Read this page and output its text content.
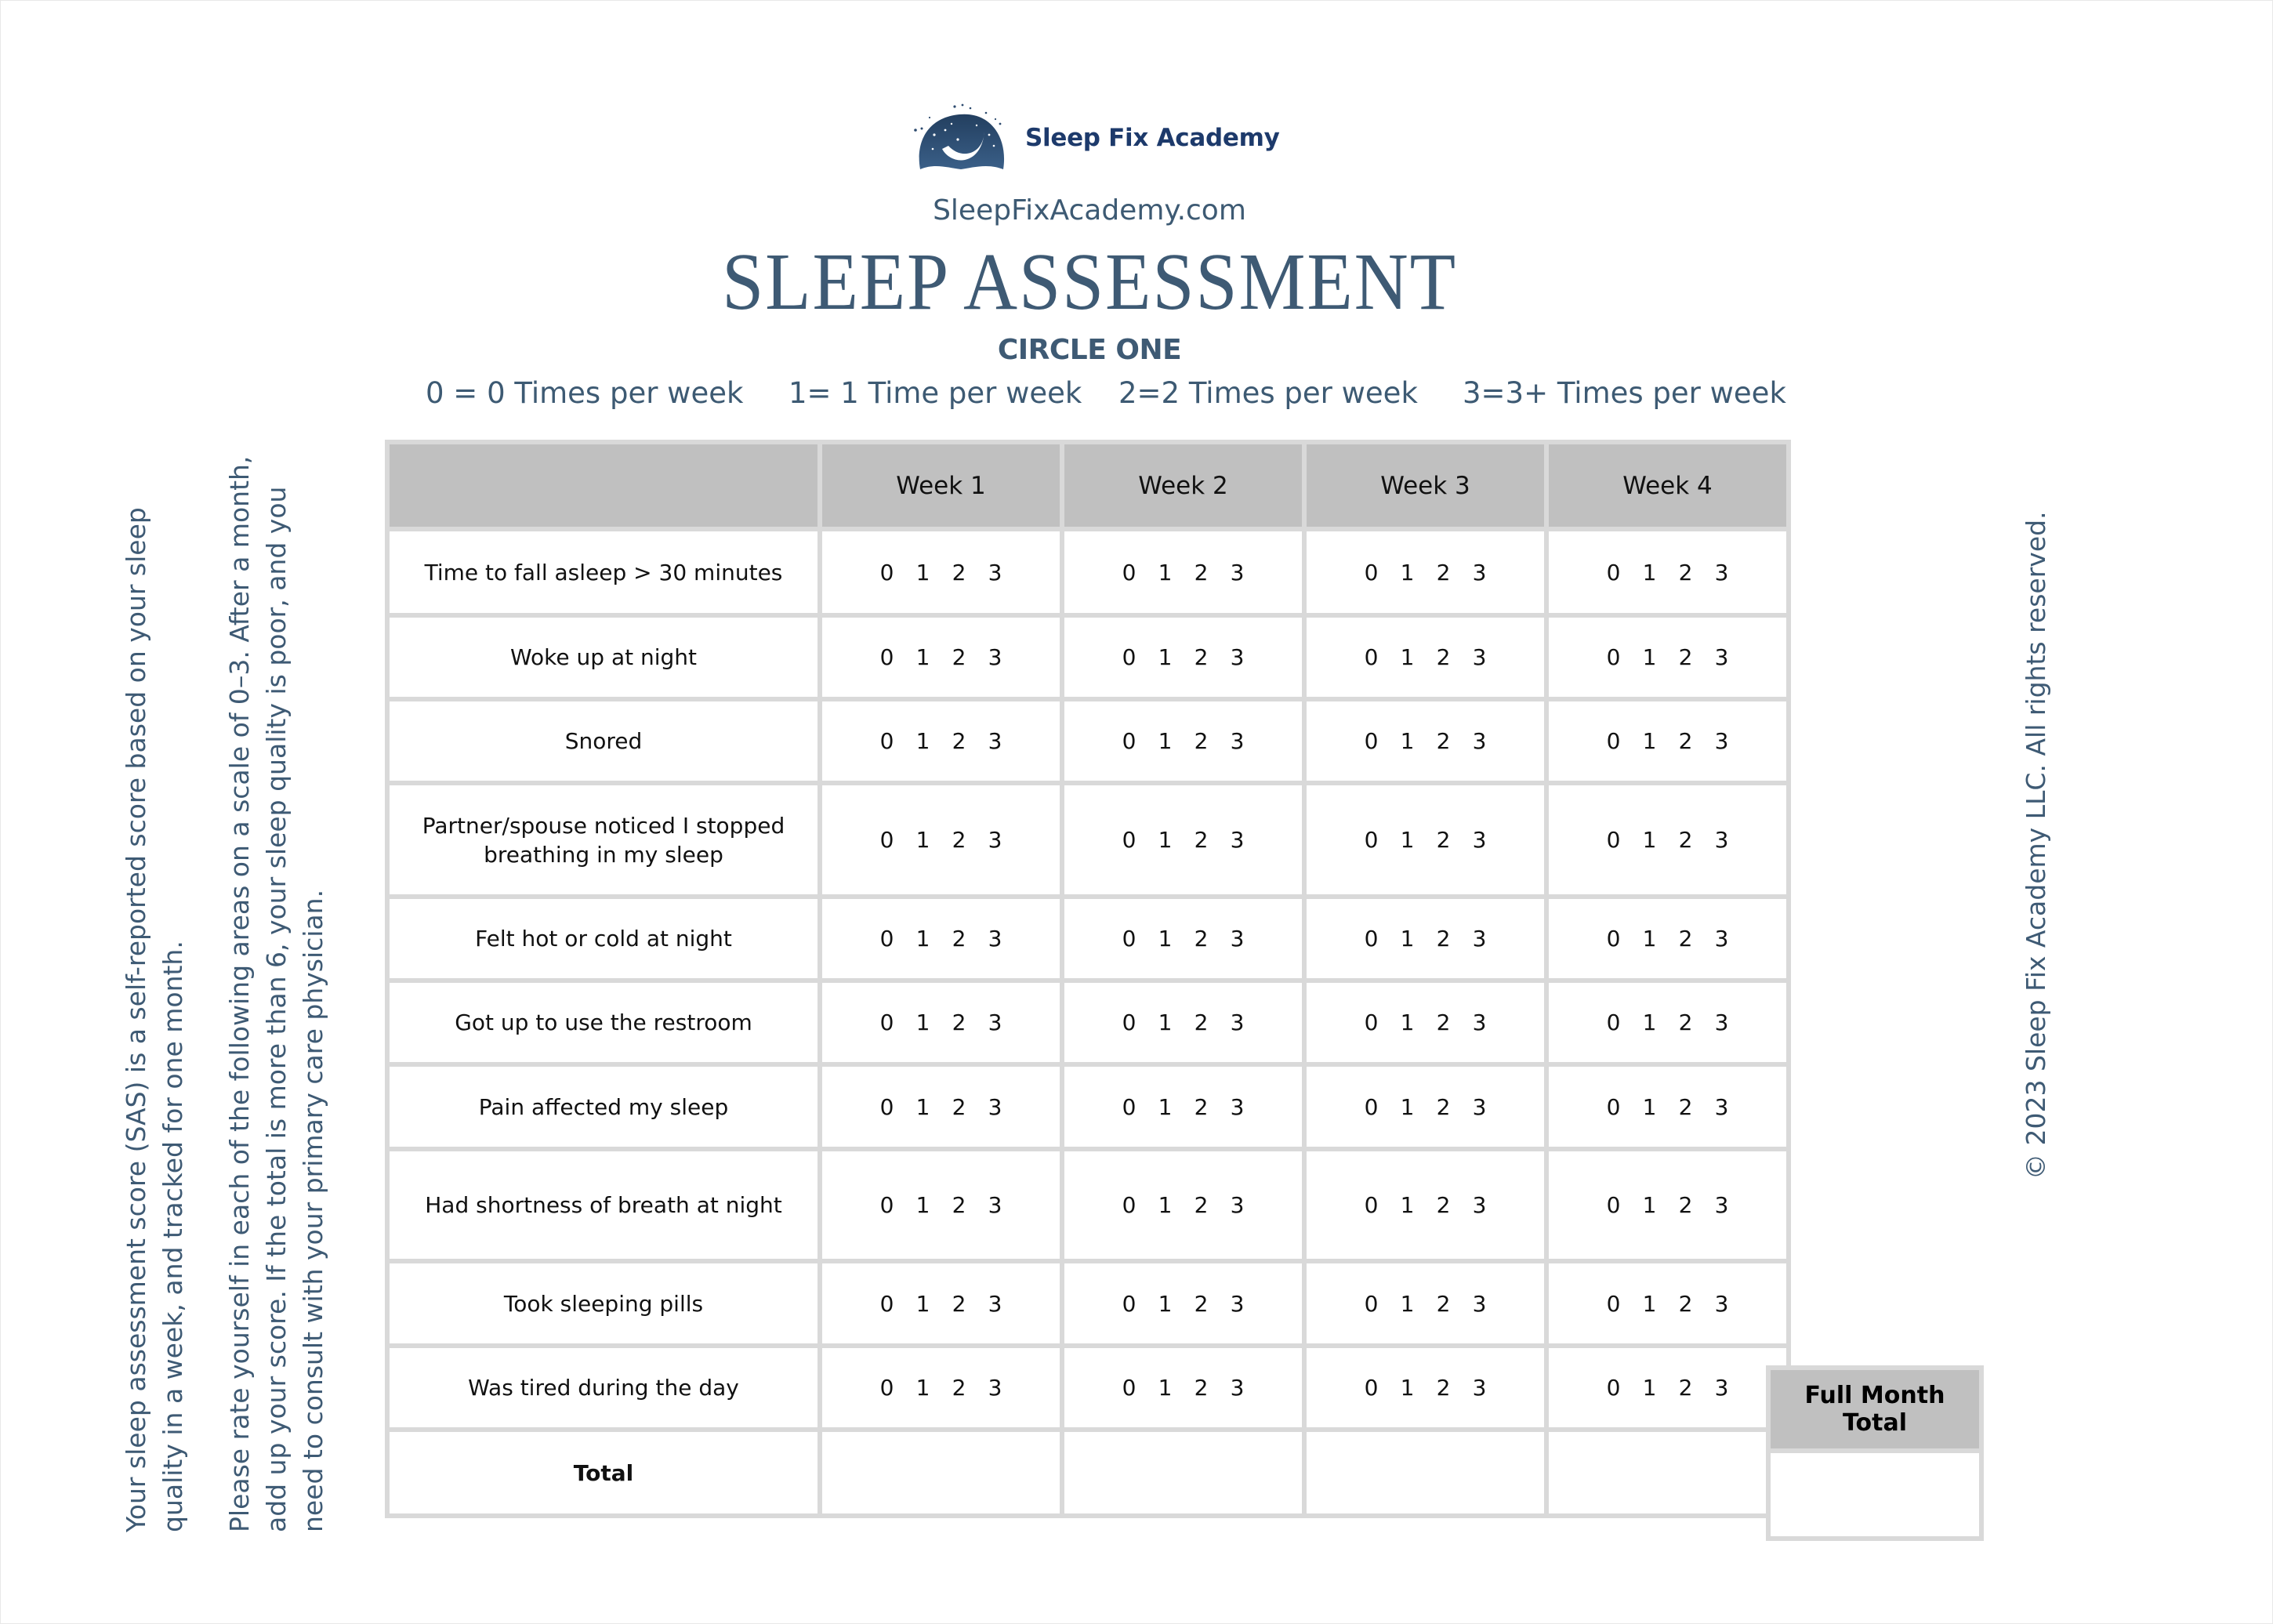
Sleep Fix Academy
SleepFixAcademy.com
SLEEP ASSESSMENT
CIRCLE ONE
0 = 0 Times per week 1= 1 Time per week 2=2 Times per week 3=3+ Times per week
	Week 1	Week 2	Week 3	Week 4
Time to fall asleep > 30 minutes	0 1 2 3	0 1 2 3	0 1 2 3	0 1 2 3

Woke up at night	0 1 2 3	0 1 2 3	0 1 2 3	0 1 2 3

Snored	0 1 2 3	0 1 2 3	0 1 2 3	0 1 2 3

Partner/spouse noticed I stopped breathing in my sleep	0 1 2 3	0 1 2 3	0 1 2 3	0 1 2 3

Felt hot or cold at night	0 1 2 3	0 1 2 3	0 1 2 3	0 1 2 3

Got up to use the restroom	0 1 2 3	0 1 2 3	0 1 2 3	0 1 2 3

Pain affected my sleep	0 1 2 3	0 1 2 3	0 1 2 3	0 1 2 3

Had shortness of breath at night	0 1 2 3	0 1 2 3	0 1 2 3	0 1 2 3

Took sleeping pills	0 1 2 3	0 1 2 3	0 1 2 3	0 1 2 3

Was tired during the day	0 1 2 3	0 1 2 3	0 1 2 3	0 1 2 3

Total				
Full Month Total

Your sleep assessment score (SAS) is a self-reported score based on your sleep quality in a week, and tracked for one month. Please rate yourself in each of the following areas on a scale of 0–3. After a month, add up your score. If the total is more than 6, your sleep quality is poor, and you need to consult with your primary care physician.
© 2023 Sleep Fix Academy LLC. All rights reserved.
